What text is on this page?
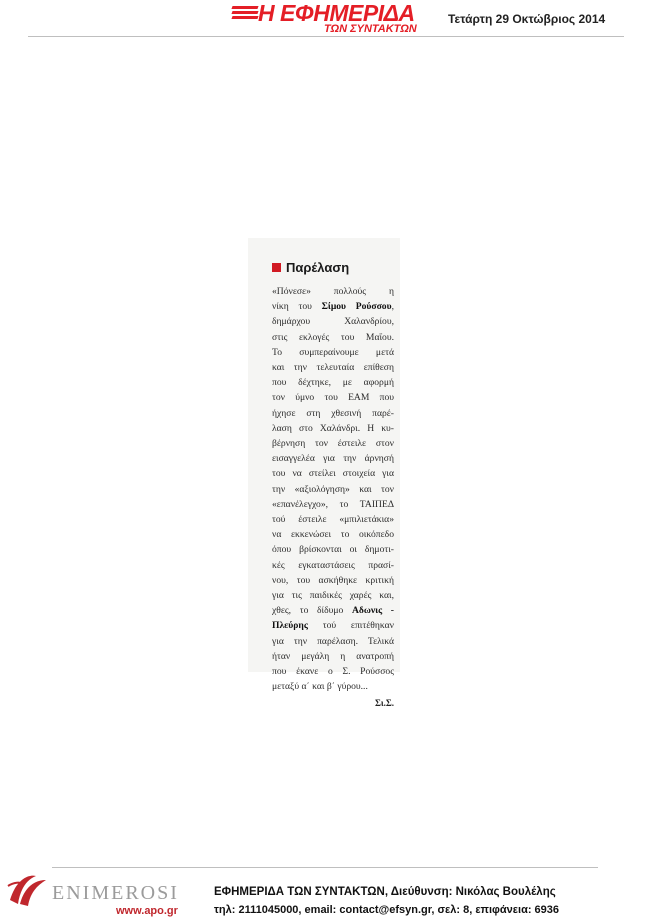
Η ΕΦΗΜΕΡΙΔΑ
ΤΩΝ ΣΥΝΤΑΚΤΩΝ
Τετάρτη 29 Οκτώβριος 2014
Παρέλαση
«Πόνεσε» πολλούς η
νίκη του Σίμου Ρούσσου,
δημάρχου Χαλανδρίου,
στις εκλογές του Μαΐου.
Το συμπεραίνουμε μετά
και την τελευταία επίθεση
που δέχτηκε, με αφορμή
τον ύμνο του ΕΑΜ που
ήχησε στη χθεσινή παρέ-
λαση στο Χαλάνδρι. Η κυ-
βέρνηση τον έστειλε στον
εισαγγελέα για την άρνησή
του να στείλει στοιχεία για
την «αξιολόγηση» και τον
«επανέλεγχο», το ΤΑΙΠΕΔ
τού έστειλε «μπιλιετάκια»
να εκκενώσει το οικόπεδο
όπου βρίσκονται οι δημοτι-
κές εγκαταστάσεις πρασί-
νου, του ασκήθηκε κριτική
για τις παιδικές χαρές και,
χθες, το δίδυμο Αδωνις -
Πλεύρης τού επιτέθηκαν
για την παρέλαση. Τελικά
ήταν μεγάλη η ανατροπή
που έκανε ο Σ. Ρούσσος
μεταξύ α΄ και β΄ γύρου...
Σι.Σ.
ENIMEROSI
www.apo.gr
ΕΦΗΜΕΡΙΔΑ ΤΩΝ ΣΥΝΤΑΚΤΩΝ, Διεύθυνση: Νικόλας Βουλέλης
τηλ: 2111045000, email: contact@efsyn.gr, σελ: 8, επιφάνεια: 6936
